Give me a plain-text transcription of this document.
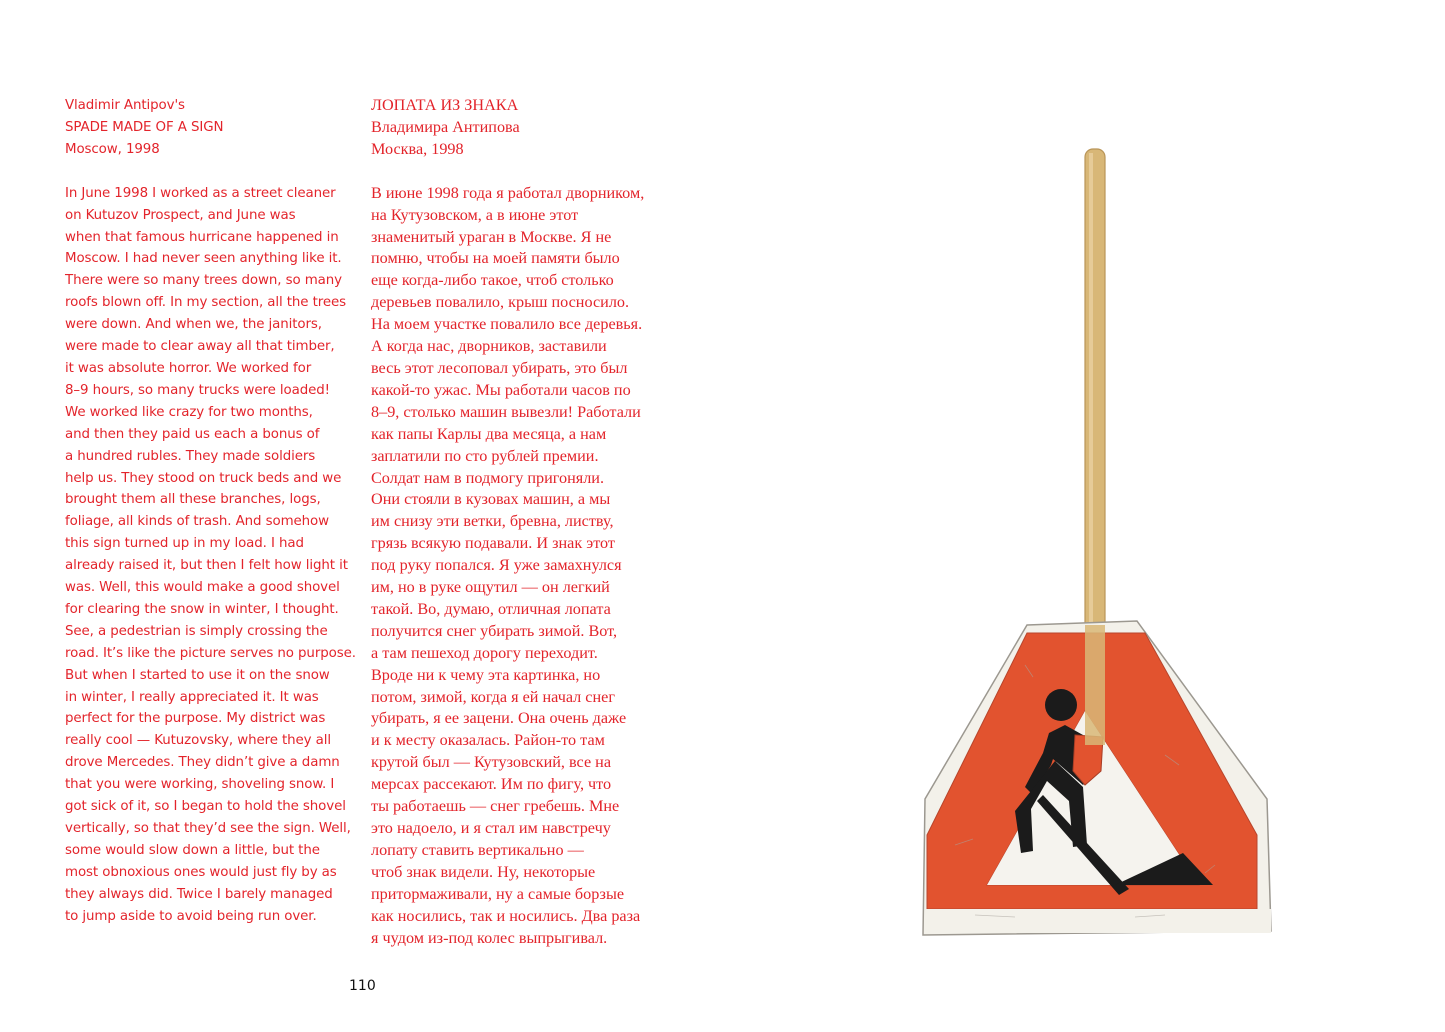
Vladimir Antipov's
SPADE MADE OF A SIGN
Moscow, 1998
In June 1998 I worked as a street cleaner
on Kutuzov Prospect, and June was
when that famous hurricane happened in
Moscow. I had never seen anything like it.
There were so many trees down, so many
roofs blown off. In my section, all the trees
were down. And when we, the janitors,
were made to clear away all that timber,
it was absolute horror. We worked for
8–9 hours, so many trucks were loaded!
We worked like crazy for two months,
and then they paid us each a bonus of
a hundred rubles. They made soldiers
help us. They stood on truck beds and we
brought them all these branches, logs,
foliage, all kinds of trash. And somehow
this sign turned up in my load. I had
already raised it, but then I felt how light it
was. Well, this would make a good shovel
for clearing the snow in winter, I thought.
See, a pedestrian is simply crossing the
road. It’s like the picture serves no purpose.
But when I started to use it on the snow
in winter, I really appreciated it. It was
perfect for the purpose. My district was
really cool — Kutuzovsky, where they all
drove Mercedes. They didn’t give a damn
that you were working, shoveling snow. I
got sick of it, so I began to hold the shovel
vertically, so that they’d see the sign. Well,
some would slow down a little, but the
most obnoxious ones would just fly by as
they always did. Twice I barely managed
to jump aside to avoid being run over.
ЛОПАТА ИЗ ЗНАКА
Владимира Антипова
Москва, 1998
В июне 1998 года я работал дворником,
на Кутузовском, а в июне этот
знаменитый ураган в Москве. Я не
помню, чтобы на моей памяти было
еще когда-либо такое, чтоб столько
деревьев повалило, крыш посносило.
На моем участке повалило все деревья.
А когда нас, дворников, заставили
весь этот лесоповал убирать, это был
какой-то ужас. Мы работали часов по
8–9, столько машин вывезли! Работали
как папы Карлы два месяца, а нам
заплатили по сто рублей премии.
Солдат нам в подмогу пригоняли.
Они стояли в кузовах машин, а мы
им снизу эти ветки, бревна, листву,
грязь всякую подавали. И знак этот
под руку попался. Я уже замахнулся
им, но в руке ощутил — он легкий
такой. Во, думаю, отличная лопата
получится снег убирать зимой. Вот,
а там пешеход дорогу переходит.
Вроде ни к чему эта картинка, но
потом, зимой, когда я ей начал снег
убирать, я ее зацени. Она очень даже
и к месту оказалась. Район-то там
крутой был — Кутузовский, все на
мерсах рассекают. Им по фигу, что
ты работаешь — снег гребешь. Мне
это надоело, и я стал им навстречу
лопату ставить вертикально —
чтоб знак видели. Ну, некоторые
притормаживали, ну а самые борзые
как носились, так и носились. Два раза
я чудом из-под колес выпрыгивал.
110
